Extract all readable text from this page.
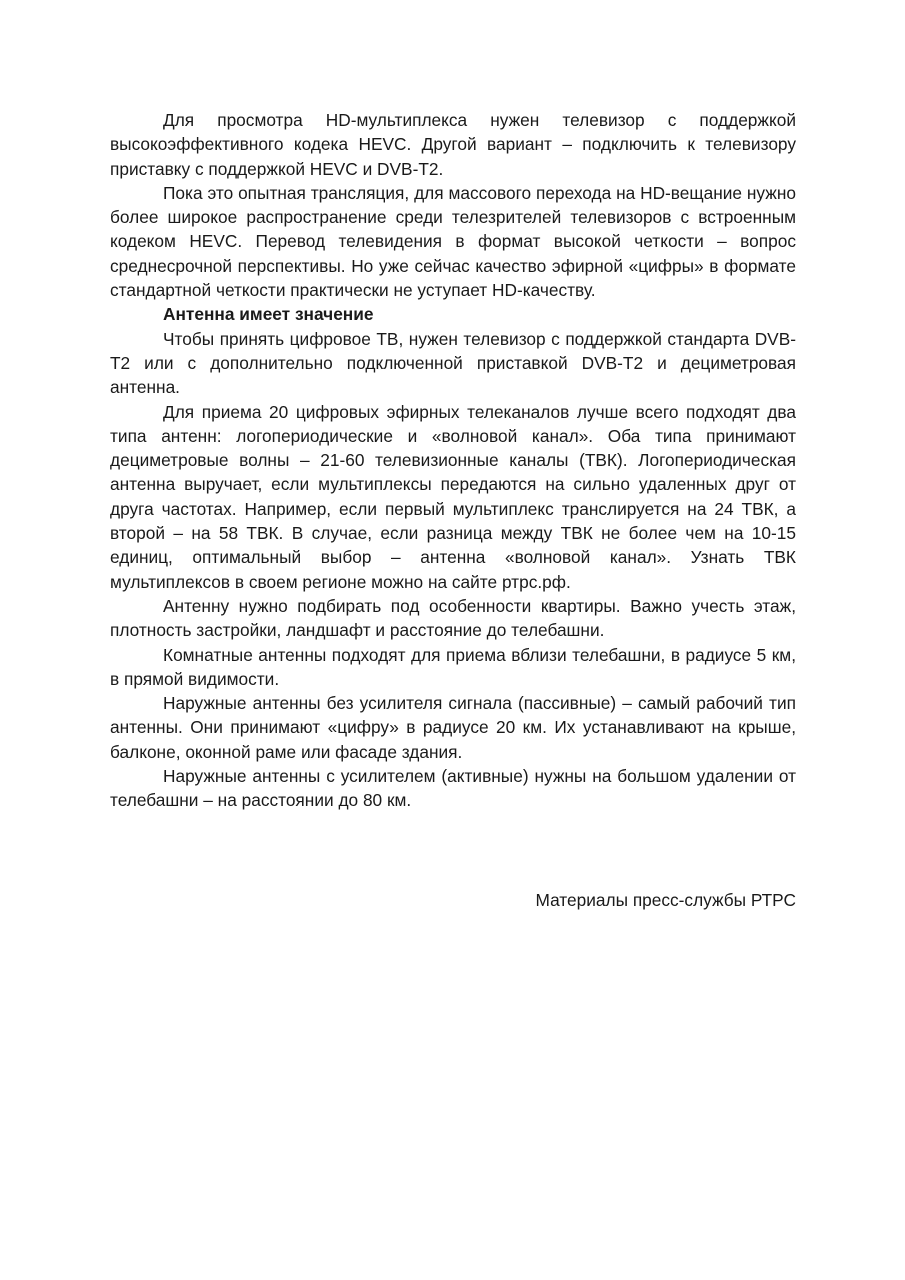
Для просмотра HD-мультиплекса нужен телевизор с поддержкой высокоэффективного кодека HEVC. Другой вариант – подключить к телевизору приставку с поддержкой HEVC и DVB-T2.

Пока это опытная трансляция, для массового перехода на HD-вещание нужно более широкое распространение среди телезрителей телевизоров с встроенным кодеком HEVC. Перевод телевидения в формат высокой четкости – вопрос среднесрочной перспективы. Но уже сейчас качество эфирной «цифры» в формате стандартной четкости практически не уступает HD-качеству.

Антенна имеет значение

Чтобы принять цифровое ТВ, нужен телевизор с поддержкой стандарта DVB-T2 или с дополнительно подключенной приставкой DVB-T2 и дециметровая антенна.

Для приема 20 цифровых эфирных телеканалов лучше всего подходят два типа антенн: логопериодические и «волновой канал». Оба типа принимают дециметровые волны – 21-60 телевизионные каналы (ТВК). Логопериодическая антенна выручает, если мультиплексы передаются на сильно удаленных друг от друга частотах. Например, если первый мультиплекс транслируется на 24 ТВК, а второй – на 58 ТВК. В случае, если разница между ТВК не более чем на 10-15 единиц, оптимальный выбор – антенна «волновой канал». Узнать ТВК мультиплексов в своем регионе можно на сайте ртрс.рф.

Антенну нужно подбирать под особенности квартиры. Важно учесть этаж, плотность застройки, ландшафт и расстояние до телебашни.

Комнатные антенны подходят для приема вблизи телебашни, в радиусе 5 км, в прямой видимости.

Наружные антенны без усилителя сигнала (пассивные) – самый рабочий тип антенны. Они принимают «цифру» в радиусе 20 км. Их устанавливают на крыше, балконе, оконной раме или фасаде здания.

Наружные антенны с усилителем (активные) нужны на большом удалении от телебашни – на расстоянии до 80 км.

Материалы пресс-службы РТРС
